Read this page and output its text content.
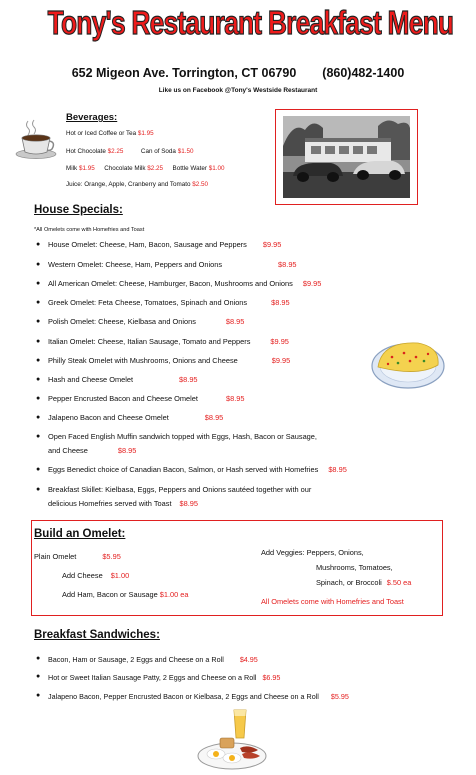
Tony's Restaurant Breakfast Menu
652 Migeon Ave. Torrington, CT 06790 (860)482-1400
Like us on Facebook @Tony's Westside Restaurant
Beverages:
Hot or Iced Coffee or Tea $1.95
Hot Chocolate $2.25	Can of Soda $1.50
Milk $1.95 Chocolate Milk $2.25 Bottle Water $1.00
Juice: Orange, Apple, Cranberry and Tomato $2.50
House Specials:
*All Omelets come with Homefries and Toast
●	House Omelet: Cheese, Ham, Bacon, Sausage and Peppers $9.95
●	Western Omelet: Cheese, Ham, Peppers and Onions	$8.95
●	All American Omelet: Cheese, Hamburger, Bacon, Mushrooms and Onions $9.95
●	Greek Omelet: Feta Cheese, Tomatoes, Spinach and Onions	$8.95
●	Polish Omelet: Cheese, Kielbasa and Onions	$8.95
●	Italian Omelet: Cheese, Italian Sausage, Tomato and Peppers	$9.95
●	Philly Steak Omelet with Mushrooms, Onions and Cheese	$9.95
●	Hash and Cheese Omelet	$8.95
●	Pepper Encrusted Bacon and Cheese Omelet	$8.95
●	Jalapeno Bacon and Cheese Omelet	$8.95
●	Open Faced English Muffin sandwich topped with Eggs, Hash, Bacon or Sausage,
and Cheese	$8.95
●	Eggs Benedict choice of Canadian Bacon, Salmon, or Hash served with Homefries $8.95
●	Breakfast Skillet: Kielbasa, Eggs, Peppers and Onions sautéed together with our
delicious Homefries served with Toast $8.95
Build an Omelet:
Plain Omelet	$5.95
Add Cheese $1.00
Add Ham, Bacon or Sausage $1.00 ea
Add Veggies: Peppers, Onions,
Mushrooms, Tomatoes,
Spinach, or Broccoli $.50 ea
All Omelets come with Homefries and Toast
Breakfast Sandwiches:
●	Bacon, Ham or Sausage, 2 Eggs and Cheese on a Roll $4.95
●	Hot or Sweet Italian Sausage Patty, 2 Eggs and Cheese on a Roll $6.95
●	Jalapeno Bacon, Pepper Encrusted Bacon or Kielbasa, 2 Eggs and Cheese on a Roll $5.95
